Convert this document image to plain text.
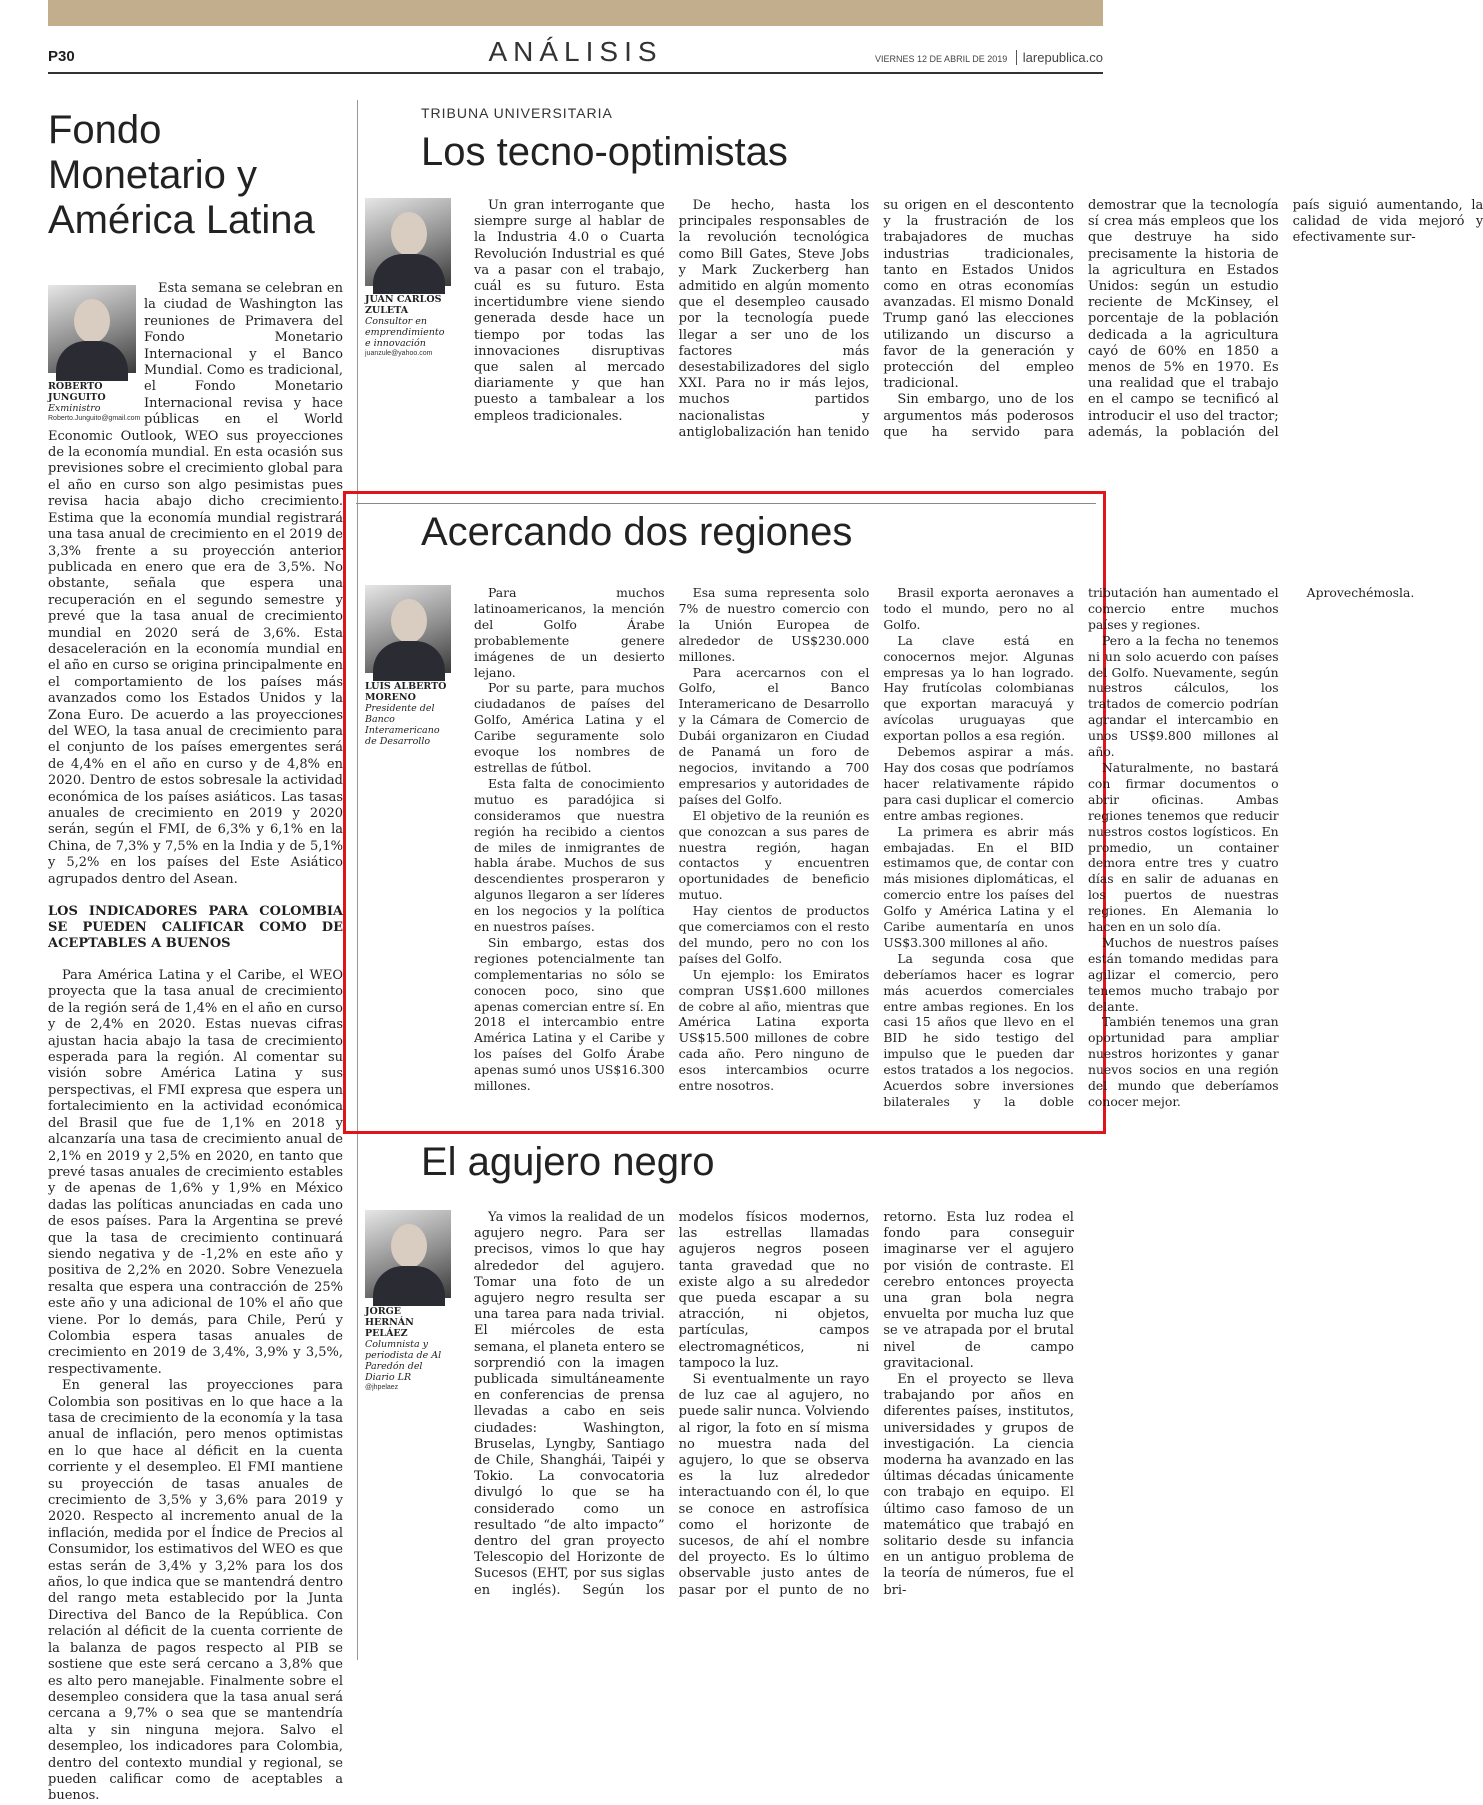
P30	ANÁLISIS	VIERNES 12 DE ABRIL DE 2019 larepublica.co
Fondo Monetario y América Latina
ROBERTO JUNGUITO
Exministro
Roberto.Junguito@gmail.com

Esta semana se celebran en la ciudad de Washington las reuniones de Primavera del Fondo Monetario Internacional y el Banco Mundial. Como es tradicional, el Fondo Monetario Internacional revisa y hace públicas en el World Economic Outlook, WEO sus proyecciones de la economía mundial. En esta ocasión sus previsiones sobre el crecimiento global para el año en curso son algo pesimistas pues revisa hacia abajo dicho crecimiento. Estima que la economía mundial registrará una tasa anual de crecimiento en el 2019 de 3,3% frente a su proyección anterior publicada en enero que era de 3,5%. No obstante, señala que espera una recuperación en el segundo semestre y prevé que la tasa anual de crecimiento mundial en 2020 será de 3,6%. Esta desaceleración en la economía mundial en el año en curso se origina principalmente en el comportamiento de los países más avanzados como los Estados Unidos y la Zona Euro. De acuerdo a las proyecciones del WEO, la tasa anual de crecimiento para el conjunto de los países emergentes será de 4,4% en el año en curso y de 4,8% en 2020. Dentro de estos sobresale la actividad económica de los países asiáticos. Las tasas anuales de crecimiento en 2019 y 2020 serán, según el FMI, de 6,3% y 6,1% en la China, de 7,3% y 7,5% en la India y de 5,1% y 5,2% en los países del Este Asiático agrupados dentro del Asean.

LOS INDICADORES PARA COLOMBIA SE PUEDEN CALIFICAR COMO DE ACEPTABLES A BUENOS

Para América Latina y el Caribe, el WEO proyecta que la tasa anual de crecimiento de la región será de 1,4% en el año en curso y de 2,4% en 2020. Estas nuevas cifras ajustan hacia abajo la tasa de crecimiento esperada para la región. Al comentar su visión sobre América Latina y sus perspectivas, el FMI expresa que espera un fortalecimiento en la actividad económica del Brasil que fue de 1,1% en 2018 y alcanzaría una tasa de crecimiento anual de 2,1% en 2019 y 2,5% en 2020, en tanto que prevé tasas anuales de crecimiento estables y de apenas de 1,6% y 1,9% en México dadas las políticas anunciadas en cada uno de esos países. Para la Argentina se prevé que la tasa de crecimiento continuará siendo negativa y de -1,2% en este año y positiva de 2,2% en 2020. Sobre Venezuela resalta que espera una contracción de 25% este año y una adicional de 10% el año que viene. Por lo demás, para Chile, Perú y Colombia espera tasas anuales de crecimiento en 2019 de 3,4%, 3,9% y 3,5%, respectivamente.

En general las proyecciones para Colombia son positivas en lo que hace a la tasa de crecimiento de la economía y la tasa anual de inflación, pero menos optimistas en lo que hace al déficit en la cuenta corriente y el desempleo. El FMI mantiene su proyección de tasas anuales de crecimiento de 3,5% y 3,6% para 2019 y 2020. Respecto al incremento anual de la inflación, medida por el Índice de Precios al Consumidor, los estimativos del WEO es que estas serán de 3,4% y 3,2% para los dos años, lo que indica que se mantendrá dentro del rango meta establecido por la Junta Directiva del Banco de la República. Con relación al déficit de la cuenta corriente de la balanza de pagos respecto al PIB se sostiene que este será cercano a 3,8% que es alto pero manejable. Finalmente sobre el desempleo considera que la tasa anual será cercana a 9,7% o sea que se mantendría alta y sin ninguna mejora. Salvo el desempleo, los indicadores para Colombia, dentro del contexto mundial y regional, se pueden calificar como de aceptables a buenos.

TRIBUNA UNIVERSITARIA
Los tecno-optimistas
JUAN CARLOS ZULETA
Consultor en emprendimiento e innovación
juanzule@yahoo.com

Un gran interrogante que siempre surge al hablar de la Industria 4.0 o Cuarta Revolución Industrial es qué va a pasar con el trabajo, cuál es su futuro. Esta incertidumbre viene siendo generada desde hace un tiempo por todas las innovaciones disruptivas que salen al mercado diariamente y que han puesto a tambalear a los empleos tradicionales.

De hecho, hasta los principales responsables de la revolución tecnológica como Bill Gates, Steve Jobs y Mark Zuckerberg han admitido en algún momento que el desempleo causado por la tecnología puede llegar a ser uno de los factores más desestabilizadores del siglo XXI. Para no ir más lejos, muchos partidos nacionalistas y antiglobalización han tenido su origen en el descontento y la frustración de los trabajadores de muchas industrias tradicionales, tanto en Estados Unidos como en otras economías avanzadas. El mismo Donald Trump ganó las elecciones utilizando un discurso a favor de la generación y protección del empleo tradicional.

Sin embargo, uno de los argumentos más poderosos que ha servido para demostrar que la tecnología sí crea más empleos que los que destruye ha sido precisamente la historia de la agricultura en Estados Unidos: según un estudio reciente de McKinsey, el porcentaje de la población dedicada a la agricultura cayó de 60% en 1850 a menos de 5% en 1970. Es una realidad que el trabajo en el campo se tecnificó al introducir el uso del tractor; además, la población del país siguió aumentando, la calidad de vida mejoró y efectivamente sur-

Acercando dos regiones
LUIS ALBERTO MORENO
Presidente del Banco Interamericano de Desarrollo

Para muchos latinoamericanos, la mención del Golfo Árabe probablemente genere imágenes de un desierto lejano.

Por su parte, para muchos ciudadanos de países del Golfo, América Latina y el Caribe seguramente solo evoque los nombres de estrellas de fútbol.

Esta falta de conocimiento mutuo es paradójica si consideramos que nuestra región ha recibido a cientos de miles de inmigrantes de habla árabe. Muchos de sus descendientes prosperaron y algunos llegaron a ser líderes en los negocios y la política en nuestros países.

Sin embargo, estas dos regiones potencialmente tan complementarias no sólo se conocen poco, sino que apenas comercian entre sí. En 2018 el intercambio entre América Latina y el Caribe y los países del Golfo Árabe apenas sumó unos US$16.300 millones.

Esa suma representa solo 7% de nuestro comercio con la Unión Europea de alrededor de US$230.000 millones.

Para acercarnos con el Golfo, el Banco Interamericano de Desarrollo y la Cámara de Comercio de Dubái organizaron en Ciudad de Panamá un foro de negocios, invitando a 700 empresarios y autoridades de países del Golfo.

El objetivo de la reunión es que conozcan a sus pares de nuestra región, hagan contactos y encuentren oportunidades de beneficio mutuo.

Hay cientos de productos que comerciamos con el resto del mundo, pero no con los países del Golfo.

Un ejemplo: los Emiratos compran US$1.600 millones de cobre al año, mientras que América Latina exporta US$15.500 millones de cobre cada año. Pero ninguno de esos intercambios ocurre entre nosotros.

Brasil exporta aeronaves a todo el mundo, pero no al Golfo.

La clave está en conocernos mejor. Algunas empresas ya lo han logrado. Hay frutícolas colombianas que exportan maracuyá y avícolas uruguayas que exportan pollos a esa región.

Debemos aspirar a más. Hay dos cosas que podríamos hacer relativamente rápido para casi duplicar el comercio entre ambas regiones.

La primera es abrir más embajadas. En el BID estimamos que, de contar con más misiones diplomáticas, el comercio entre los países del Golfo y América Latina y el Caribe aumentaría en unos US$3.300 millones al año.

La segunda cosa que deberíamos hacer es lograr más acuerdos comerciales entre ambas regiones. En los casi 15 años que llevo en el BID he sido testigo del impulso que le pueden dar estos tratados a los negocios. Acuerdos sobre inversiones bilaterales y la doble tributación han aumentado el comercio entre muchos países y regiones.

Pero a la fecha no tenemos ni un solo acuerdo con países del Golfo. Nuevamente, según nuestros cálculos, los tratados de comercio podrían agrandar el intercambio en unos US$9.800 millones al año.

Naturalmente, no bastará con firmar documentos o abrir oficinas. Ambas regiones tenemos que reducir nuestros costos logísticos. En promedio, un container demora entre tres y cuatro días en salir de aduanas en los puertos de nuestras regiones. En Alemania lo hacen en un solo día.

Muchos de nuestros países están tomando medidas para agilizar el comercio, pero tenemos mucho trabajo por delante.

También tenemos una gran oportunidad para ampliar nuestros horizontes y ganar nuevos socios en una región del mundo que deberíamos conocer mejor.

Aprovechémosla.

El agujero negro
JORGE HERNÁN PELÁEZ
Columnista y periodista de Al Paredón del Diario LR
@jhpelaez

Ya vimos la realidad de un agujero negro. Para ser precisos, vimos lo que hay alrededor del agujero. Tomar una foto de un agujero negro resulta ser una tarea para nada trivial. El miércoles de esta semana, el planeta entero se sorprendió con la imagen publicada simultáneamente en conferencias de prensa llevadas a cabo en seis ciudades: Washington, Bruselas, Lyngby, Santiago de Chile, Shanghái, Taipéi y Tokio. La convocatoria divulgó lo que se ha considerado como un resultado “de alto impacto” dentro del gran proyecto Telescopio del Horizonte de Sucesos (EHT, por sus siglas en inglés). Según los modelos físicos modernos, las estrellas llamadas agujeros negros poseen tanta gravedad que no existe algo a su alrededor que pueda escapar a su atracción, ni objetos, partículas, campos electromagnéticos, ni tampoco la luz.

Si eventualmente un rayo de luz cae al agujero, no puede salir nunca. Volviendo al rigor, la foto en sí misma no muestra nada del agujero, lo que se observa es la luz alrededor interactuando con él, lo que se conoce en astrofísica como el horizonte de sucesos, de ahí el nombre del proyecto. Es lo último observable justo antes de pasar por el punto de no retorno. Esta luz rodea el fondo para conseguir imaginarse ver el agujero por visión de contraste. El cerebro entonces proyecta una gran bola negra envuelta por mucha luz que se ve atrapada por el brutal nivel de campo gravitacional.

En el proyecto se lleva trabajando por años en diferentes países, institutos, universidades y grupos de investigación. La ciencia moderna ha avanzado en las últimas décadas únicamente con trabajo en equipo. El último caso famoso de un matemático que trabajó en solitario desde su infancia en un antiguo problema de la teoría de números, fue el bri-
